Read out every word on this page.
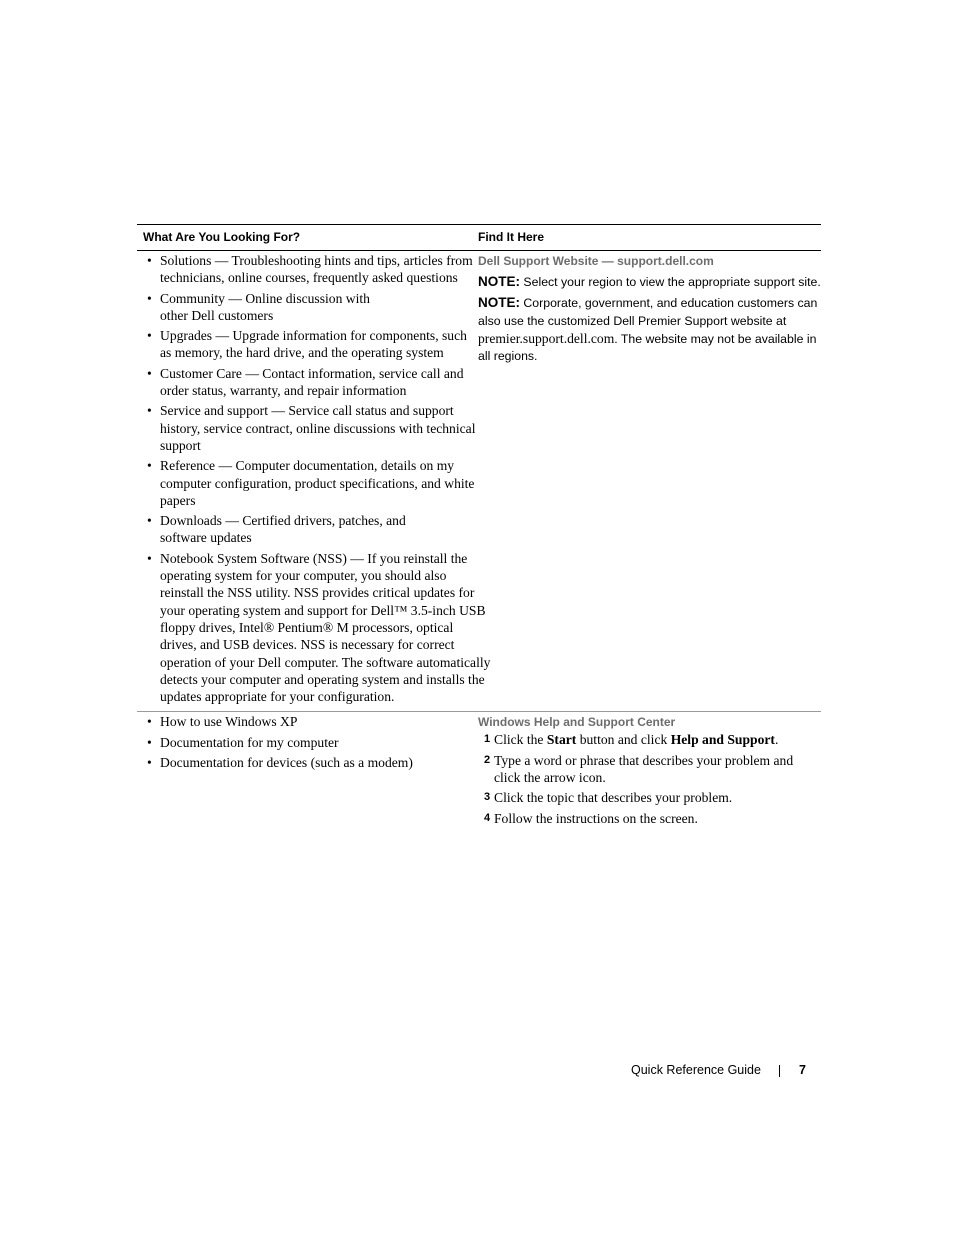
What Are You Looking For?	Find It Here
• Solutions — Troubleshooting hints and tips, articles from technicians, online courses, frequently asked questions
• Community — Online discussion with other Dell customers
• Upgrades — Upgrade information for components, such as memory, the hard drive, and the operating system
• Customer Care — Contact information, service call and order status, warranty, and repair information
• Service and support — Service call status and support history, service contract, online discussions with technical support
• Reference — Computer documentation, details on my computer configuration, product specifications, and white papers
• Downloads — Certified drivers, patches, and software updates
• Notebook System Software (NSS) — If you reinstall the operating system for your computer, you should also reinstall the NSS utility. NSS provides critical updates for your operating system and support for Dell™ 3.5-inch USB floppy drives, Intel® Pentium® M processors, optical drives, and USB devices. NSS is necessary for correct operation of your Dell computer. The software automatically detects your computer and operating system and installs the updates appropriate for your configuration.
Dell Support Website — support.dell.com
NOTE: Select your region to view the appropriate support site.
NOTE: Corporate, government, and education customers can also use the customized Dell Premier Support website at premier.support.dell.com. The website may not be available in all regions.
• How to use Windows XP
• Documentation for my computer
• Documentation for devices (such as a modem)
Windows Help and Support Center
1 Click the Start button and click Help and Support.
2 Type a word or phrase that describes your problem and click the arrow icon.
3 Click the topic that describes your problem.
4 Follow the instructions on the screen.
Quick Reference Guide	7
